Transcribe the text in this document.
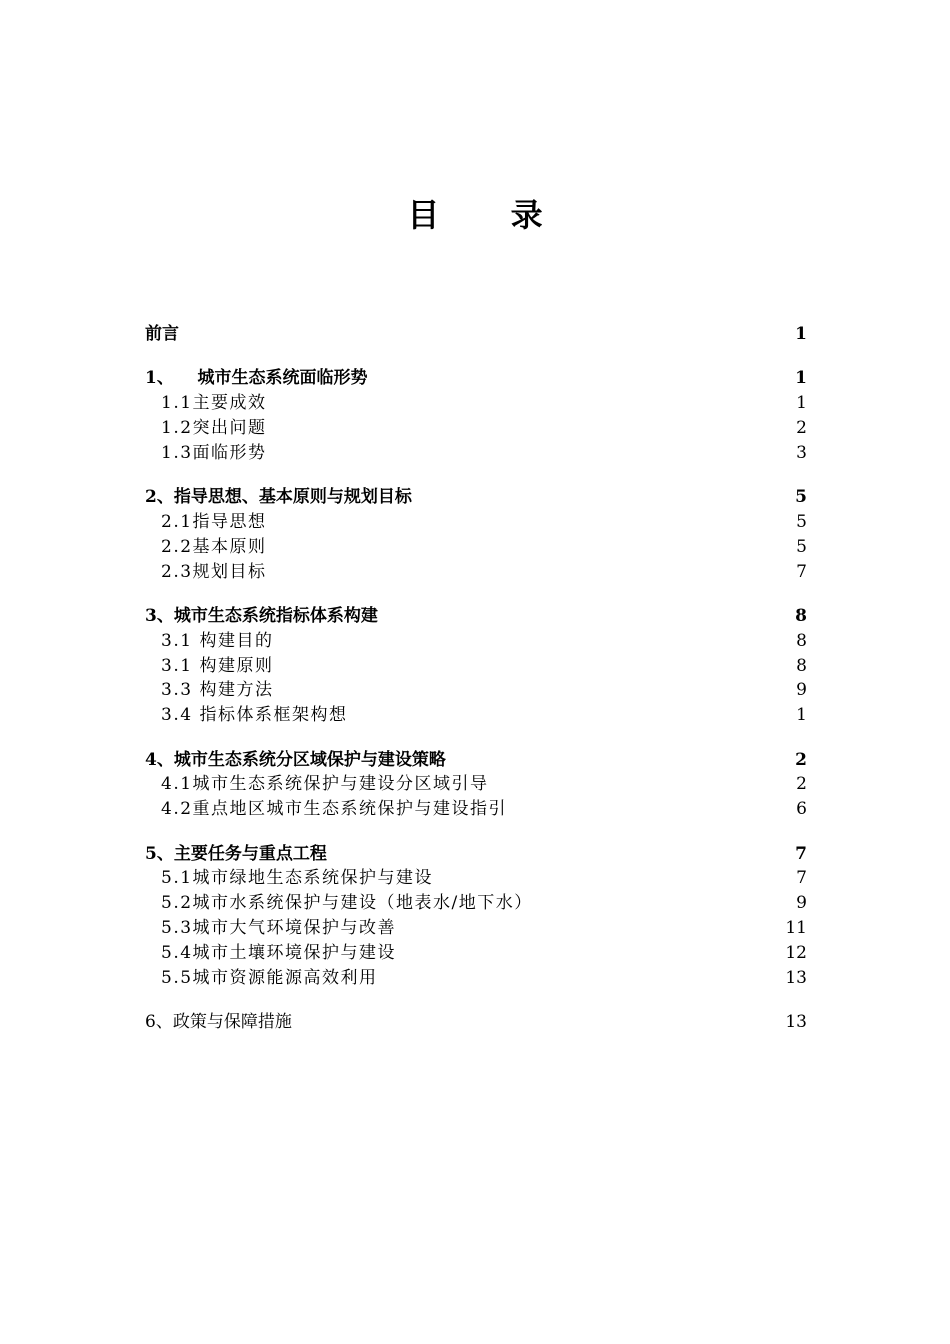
目 录
前言	1
1、    城市生态系统面临形势	1
1.1主要成效	1
1.2突出问题	2
1.3面临形势	3
2、指导思想、基本原则与规划目标	5
2.1指导思想	5
2.2基本原则	5
2.3规划目标	7
3、城市生态系统指标体系构建	8
3.1 构建目的	8
3.1 构建原则	8
3.3 构建方法	9
3.4 指标体系框架构想	1
4、城市生态系统分区域保护与建设策略	2
4.1城市生态系统保护与建设分区域引导	2
4.2重点地区城市生态系统保护与建设指引	6
5、主要任务与重点工程	7
5.1城市绿地生态系统保护与建设	7
5.2城市水系统保护与建设（地表水/地下水）	9
5.3城市大气环境保护与改善	11
5.4城市土壤环境保护与建设	12
5.5城市资源能源高效利用	13
6、政策与保障措施	13
